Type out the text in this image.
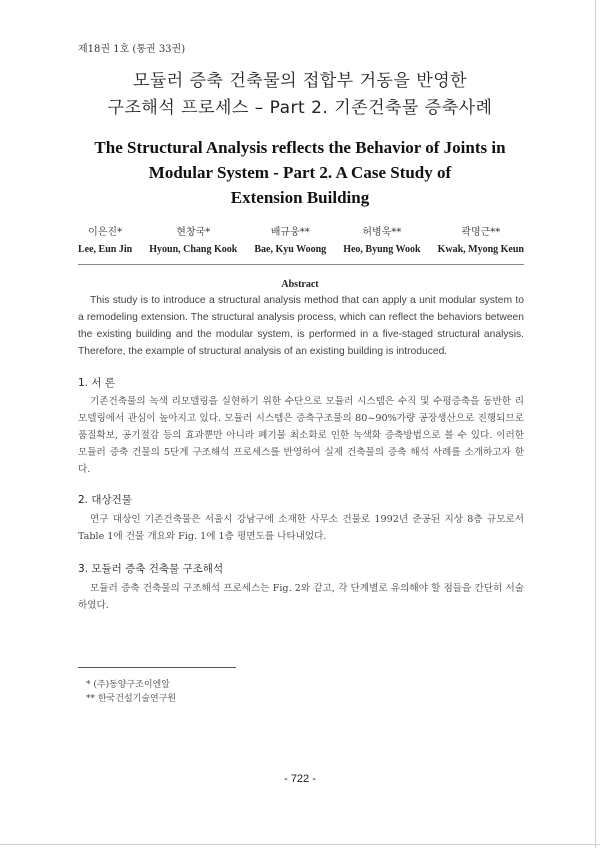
제18권 1호 (통권 33권)
모듈러 증축 건축물의 접합부 거동을 반영한
구조해석 프로세스 – Part 2. 기존건축물 증축사례
The Structural Analysis reflects the Behavior of Joints in
Modular System - Part 2. A Case Study of
Extension Building
이은진*
Lee, Eun Jin
현창국*
Hyoun, Chang Kook
배규웅**
Bae, Kyu Woong
허병욱**
Heo, Byung Wook
곽명근**
Kwak, Myong Keun
Abstract
This study is to introduce a structural analysis method that can apply a unit modular system to a remodeling extension. The structural analysis process, which can reflect the behaviors between the existing building and the modular system, is performed in a five-staged structural analysis. Therefore, the example of structural analysis of an existing building is introduced.
1. 서 론
기존건축물의 녹색 리모델링을 실현하기 위한 수단으로 모듈러 시스템은 수직 및 수평증축을 동반한 리모델링에서 관심이 높아지고 있다. 모듈러 시스템은 증축구조물의 80~90%가량 공장생산으로 진행되므로 품질확보, 공기절감 등의 효과뿐만 아니라 폐기물 최소화로 인한 녹색화 증축방법으로 볼 수 있다. 이러한 모듈러 증축 건물의 5단계 구조해석 프로세스를 반영하여 실제 건축물의 증축 해석 사례를 소개하고자 한다.
2. 대상건물
연구 대상인 기존건축물은 서울시 강남구에 소재한 사무소 건물로 1992년 준공된 지상 8층 규모로서 Table 1에 건물 개요와 Fig. 1에 1층 평면도를 나타내었다.
3. 모듈러 증축 건축물 구조해석
모듈러 증축 건축물의 구조해석 프로세스는 Fig. 2와 같고, 각 단계별로 유의해야 할 점들을 간단히 서술하였다.
* (주)동양구조이엔알
** 한국건설기술연구원
- 722 -
